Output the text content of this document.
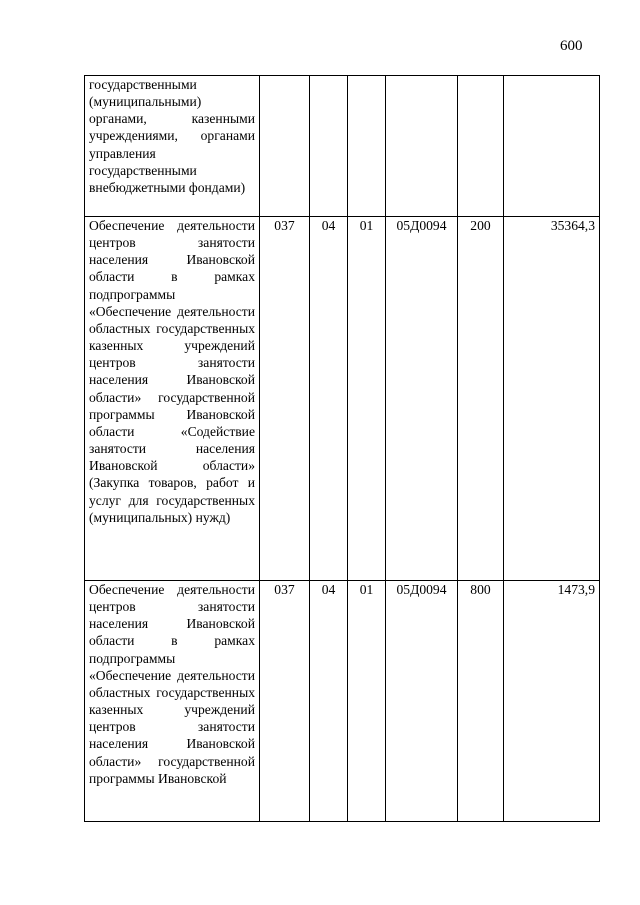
600
государственными (муниципальными) органами, казенными учреждениями, органами управления государственными внебюджетными фондами)						
Обеспечение деятельности центров занятости населения Ивановской области в рамках подпрограммы «Обеспечение деятельности областных государственных казенных учреждений центров занятости населения Ивановской области» государственной программы Ивановской области «Содействие занятости населения Ивановской области» (Закупка товаров, работ и услуг для государственных (муниципальных) нужд)	037	04	01	05Д0094	200	35364,3
Обеспечение деятельности центров занятости населения Ивановской области в рамках подпрограммы «Обеспечение деятельности областных государственных казенных учреждений центров занятости населения Ивановской области» государственной программы Ивановской	037	04	01	05Д0094	800	1473,9
